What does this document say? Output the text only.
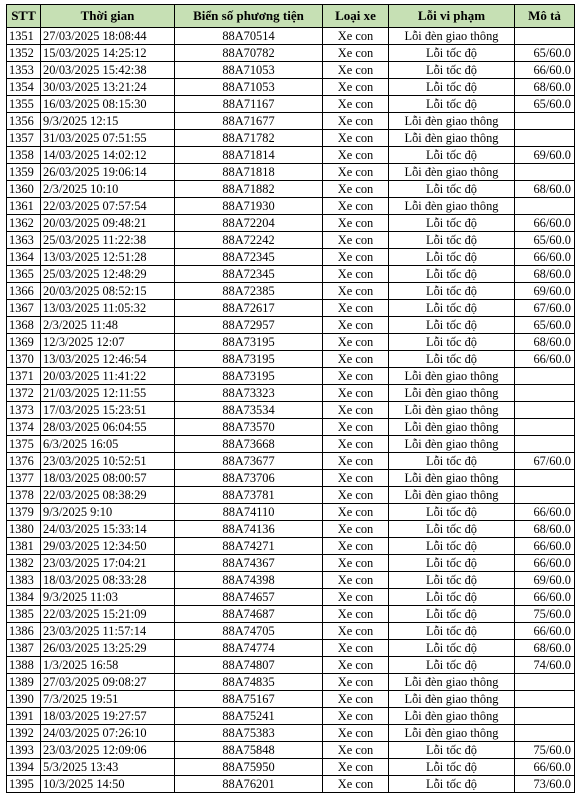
STT	Thời gian	Biển số phương tiện	Loại xe	Lỗi vi phạm	Mô tả
1351	27/03/2025 18:08:44	88A70514	Xe con	Lỗi đèn giao thông	
1352	15/03/2025 14:25:12	88A70782	Xe con	Lỗi tốc độ	65/60.0
1353	20/03/2025 15:42:38	88A71053	Xe con	Lỗi tốc độ	66/60.0
1354	30/03/2025 13:21:24	88A71053	Xe con	Lỗi tốc độ	68/60.0
1355	16/03/2025 08:15:30	88A71167	Xe con	Lỗi tốc độ	65/60.0
1356	9/3/2025 12:15	88A71677	Xe con	Lỗi đèn giao thông	
1357	31/03/2025 07:51:55	88A71782	Xe con	Lỗi đèn giao thông	
1358	14/03/2025 14:02:12	88A71814	Xe con	Lỗi tốc độ	69/60.0
1359	26/03/2025 19:06:14	88A71818	Xe con	Lỗi đèn giao thông	
1360	2/3/2025 10:10	88A71882	Xe con	Lỗi tốc độ	68/60.0
1361	22/03/2025 07:57:54	88A71930	Xe con	Lỗi đèn giao thông	
1362	20/03/2025 09:48:21	88A72204	Xe con	Lỗi tốc độ	66/60.0
1363	25/03/2025 11:22:38	88A72242	Xe con	Lỗi tốc độ	65/60.0
1364	13/03/2025 12:51:28	88A72345	Xe con	Lỗi tốc độ	66/60.0
1365	25/03/2025 12:48:29	88A72345	Xe con	Lỗi tốc độ	68/60.0
1366	20/03/2025 08:52:15	88A72385	Xe con	Lỗi tốc độ	69/60.0
1367	13/03/2025 11:05:32	88A72617	Xe con	Lỗi tốc độ	67/60.0
1368	2/3/2025 11:48	88A72957	Xe con	Lỗi tốc độ	65/60.0
1369	12/3/2025 12:07	88A73195	Xe con	Lỗi tốc độ	68/60.0
1370	13/03/2025 12:46:54	88A73195	Xe con	Lỗi tốc độ	66/60.0
1371	20/03/2025 11:41:22	88A73195	Xe con	Lỗi đèn giao thông	
1372	21/03/2025 12:11:55	88A73323	Xe con	Lỗi đèn giao thông	
1373	17/03/2025 15:23:51	88A73534	Xe con	Lỗi đèn giao thông	
1374	28/03/2025 06:04:55	88A73570	Xe con	Lỗi đèn giao thông	
1375	6/3/2025 16:05	88A73668	Xe con	Lỗi đèn giao thông	
1376	23/03/2025 10:52:51	88A73677	Xe con	Lỗi tốc độ	67/60.0
1377	18/03/2025 08:00:57	88A73706	Xe con	Lỗi đèn giao thông	
1378	22/03/2025 08:38:29	88A73781	Xe con	Lỗi đèn giao thông	
1379	9/3/2025 9:10	88A74110	Xe con	Lỗi tốc độ	66/60.0
1380	24/03/2025 15:33:14	88A74136	Xe con	Lỗi tốc độ	68/60.0
1381	29/03/2025 12:34:50	88A74271	Xe con	Lỗi tốc độ	66/60.0
1382	23/03/2025 17:04:21	88A74367	Xe con	Lỗi tốc độ	66/60.0
1383	18/03/2025 08:33:28	88A74398	Xe con	Lỗi tốc độ	69/60.0
1384	9/3/2025 11:03	88A74657	Xe con	Lỗi tốc độ	66/60.0
1385	22/03/2025 15:21:09	88A74687	Xe con	Lỗi tốc độ	75/60.0
1386	23/03/2025 11:57:14	88A74705	Xe con	Lỗi tốc độ	66/60.0
1387	26/03/2025 13:25:29	88A74774	Xe con	Lỗi tốc độ	68/60.0
1388	1/3/2025 16:58	88A74807	Xe con	Lỗi tốc độ	74/60.0
1389	27/03/2025 09:08:27	88A74835	Xe con	Lỗi đèn giao thông	
1390	7/3/2025 19:51	88A75167	Xe con	Lỗi đèn giao thông	
1391	18/03/2025 19:27:57	88A75241	Xe con	Lỗi đèn giao thông	
1392	24/03/2025 07:26:10	88A75383	Xe con	Lỗi đèn giao thông	
1393	23/03/2025 12:09:06	88A75848	Xe con	Lỗi tốc độ	75/60.0
1394	5/3/2025 13:43	88A75950	Xe con	Lỗi tốc độ	66/60.0
1395	10/3/2025 14:50	88A76201	Xe con	Lỗi tốc độ	73/60.0
